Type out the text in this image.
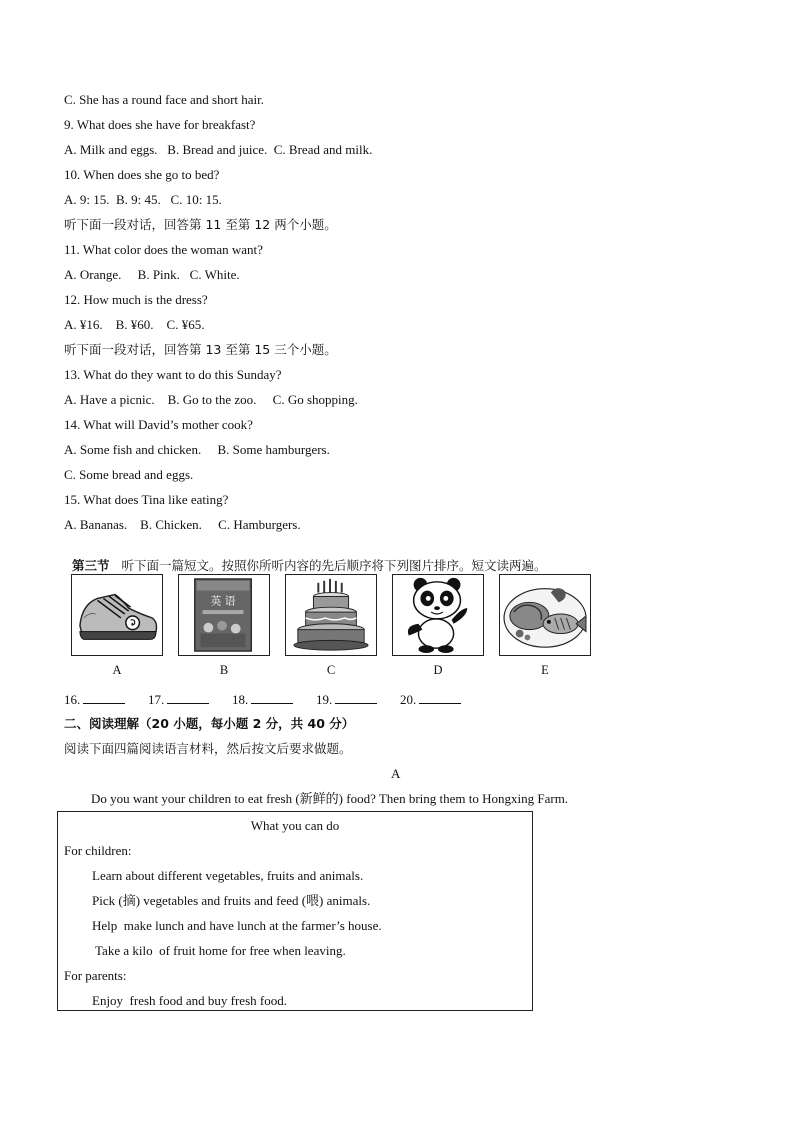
C. She has a round face and short hair.
9. What does she have for breakfast?
A. Milk and eggs.   B. Bread and juice.  C. Bread and milk.
10. When does she go to bed?
A. 9: 15.  B. 9: 45.   C. 10: 15.
听下面一段对话，回答第 11 至第 12 两个小题。
11. What color does the woman want?
A. Orange.     B. Pink.   C. White.
12. How much is the dress?
A. ¥16.    B. ¥60.    C. ¥65.
听下面一段对话，回答第 13 至第 15 三个小题。
13. What do they want to do this Sunday?
A. Have a picnic.    B. Go to the zoo.     C. Go shopping.
14. What will David’s mother cook?
A. Some fish and chicken.     B. Some hamburgers.
C. Some bread and eggs.
15. What does Tina like eating?
A. Bananas.    B. Chicken.     C. Hamburgers.

第三节 听下面一篇短文。按照你所听内容的先后顺序将下列图片排序。短文读两遍。

英 语
A	B	C	D	E
16.	17.	18.	19.	20.
二、阅读理解（20 小题，每小题 2 分，共 40 分）
阅读下面四篇阅读语言材料，然后按文后要求做题。
A
Do you want your children to eat fresh (新鲜的) food? Then bring them to Hongxing Farm.
What you can do
For children:
Learn about different vegetables, fruits and animals.
Pick (摘) vegetables and fruits and feed (喂) animals.
Help  make lunch and have lunch at the farmer’s house.
Take a kilo  of fruit home for free when leaving.
For parents:
Enjoy  fresh food and buy fresh food.
